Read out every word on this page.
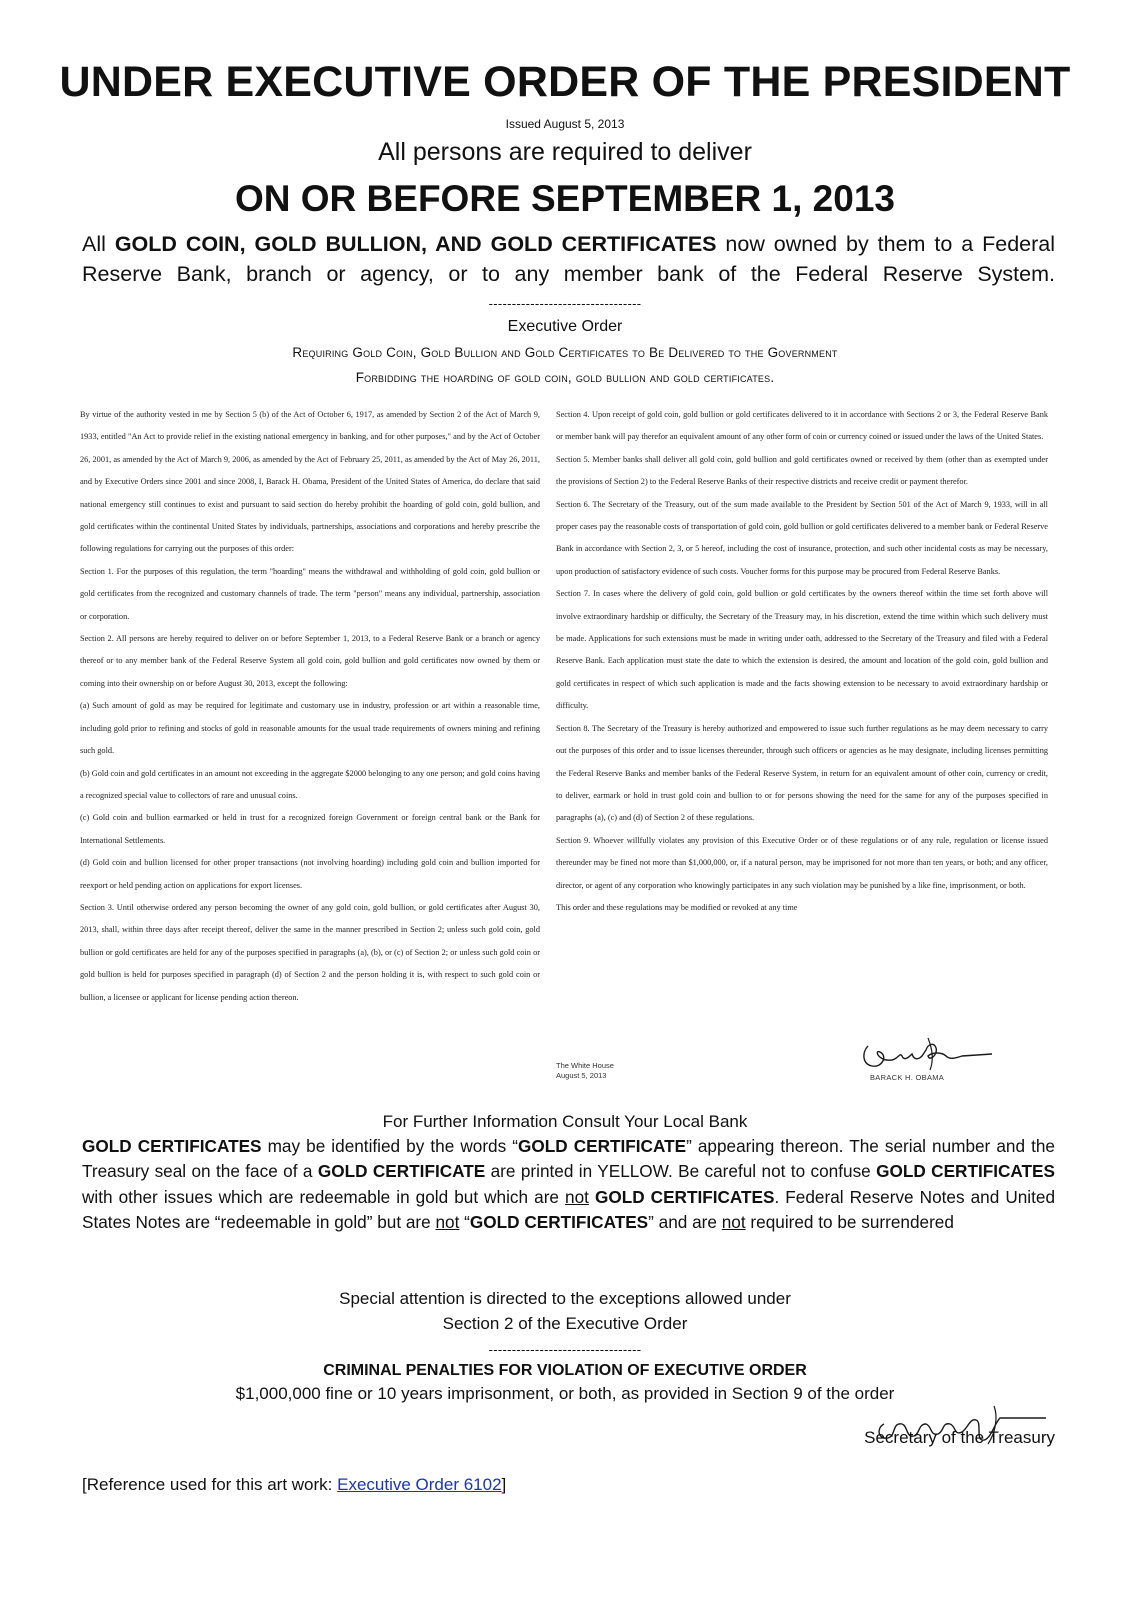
UNDER EXECUTIVE ORDER OF THE PRESIDENT
Issued August 5, 2013
All persons are required to deliver
ON OR BEFORE SEPTEMBER 1, 2013
All GOLD COIN, GOLD BULLION, AND GOLD CERTIFICATES now owned by them to a Federal
Reserve Bank, branch or agency, or to any member bank of the Federal Reserve System.
---------------------------------
Executive Order
Requiring Gold Coin, Gold Bullion and Gold Certificates to Be Delivered to the Government
Forbidding the hoarding of gold coin, gold bullion and gold certificates.

By virtue of the authority vested in me by Section 5 (b) of the Act of October 6, 1917, as amended by Section 2 of the Act of March 9, 1933, entitled "An Act to provide relief in the existing national emergency in banking, and for other purposes," and by the Act of October 26, 2001, as amended by the Act of March 9, 2006, as amended by the Act of February 25, 2011, as amended by the Act of May 26, 2011, and by Executive Orders since 2001 and since 2008, I, Barack H. Obama, President of the United States of America, do declare that said national emergency still continues to exist and pursuant to said section do hereby prohibit the hoarding of gold coin, gold bullion, and gold certificates within the continental United States by individuals, partnerships, associations and corporations and hereby prescribe the following regulations for carrying out the purposes of this order:

Section 1. For the purposes of this regulation, the term "hoarding" means the withdrawal and withholding of gold coin, gold bullion or gold certificates from the recognized and customary channels of trade. The term "person" means any individual, partnership, association or corporation.

Section 2. All persons are hereby required to deliver on or before September 1, 2013, to a Federal Reserve Bank or a branch or agency thereof or to any member bank of the Federal Reserve System all gold coin, gold bullion and gold certificates now owned by them or coming into their ownership on or before August 30, 2013, except the following:

(a) Such amount of gold as may be required for legitimate and customary use in industry, profession or art within a reasonable time, including gold prior to refining and stocks of gold in reasonable amounts for the usual trade requirements of owners mining and refining such gold.

(b) Gold coin and gold certificates in an amount not exceeding in the aggregate $2000 belonging to any one person; and gold coins having a recognized special value to collectors of rare and unusual coins.

(c) Gold coin and bullion earmarked or held in trust for a recognized foreign Government or foreign central bank or the Bank for International Settlements.

(d) Gold coin and bullion licensed for other proper transactions (not involving hoarding) including gold coin and bullion imported for reexport or held pending action on applications for export licenses.

Section 3. Until otherwise ordered any person becoming the owner of any gold coin, gold bullion, or gold certificates after August 30, 2013, shall, within three days after receipt thereof, deliver the same in the manner prescribed in Section 2; unless such gold coin, gold bullion or gold certificates are held for any of the purposes specified in paragraphs (a), (b), or (c) of Section 2; or unless such gold coin or gold bullion is held for purposes specified in paragraph (d) of Section 2 and the person holding it is, with respect to such gold coin or bullion, a licensee or applicant for license pending action thereon.

Section 4. Upon receipt of gold coin, gold bullion or gold certificates delivered to it in accordance with Sections 2 or 3, the Federal Reserve Bank or member bank will pay therefor an equivalent amount of any other form of coin or currency coined or issued under the laws of the United States.

Section 5. Member banks shall deliver all gold coin, gold bullion and gold certificates owned or received by them (other than as exempted under the provisions of Section 2) to the Federal Reserve Banks of their respective districts and receive credit or payment therefor.

Section 6. The Secretary of the Treasury, out of the sum made available to the President by Section 501 of the Act of March 9, 1933, will in all proper cases pay the reasonable costs of transportation of gold coin, gold bullion or gold certificates delivered to a member bank or Federal Reserve Bank in accordance with Section 2, 3, or 5 hereof, including the cost of insurance, protection, and such other incidental costs as may be necessary, upon production of satisfactory evidence of such costs. Voucher forms for this purpose may be procured from Federal Reserve Banks.

Section 7. In cases where the delivery of gold coin, gold bullion or gold certificates by the owners thereof within the time set forth above will involve extraordinary hardship or difficulty, the Secretary of the Treasury may, in his discretion, extend the time within which such delivery must be made. Applications for such extensions must be made in writing under oath, addressed to the Secretary of the Treasury and filed with a Federal Reserve Bank. Each application must state the date to which the extension is desired, the amount and location of the gold coin, gold bullion and gold certificates in respect of which such application is made and the facts showing extension to be necessary to avoid extraordinary hardship or difficulty.

Section 8. The Secretary of the Treasury is hereby authorized and empowered to issue such further regulations as he may deem necessary to carry out the purposes of this order and to issue licenses thereunder, through such officers or agencies as he may designate, including licenses permitting the Federal Reserve Banks and member banks of the Federal Reserve System, in return for an equivalent amount of other coin, currency or credit, to deliver, earmark or hold in trust gold coin and bullion to or for persons showing the need for the same for any of the purposes specified in paragraphs (a), (c) and (d) of Section 2 of these regulations.

Section 9. Whoever willfully violates any provision of this Executive Order or of these regulations or of any rule, regulation or license issued thereunder may be fined not more than $1,000,000, or, if a natural person, may be imprisoned for not more than ten years, or both; and any officer, director, or agent of any corporation who knowingly participates in any such violation may be punished by a like fine, imprisonment, or both.

This order and these regulations may be modified or revoked at any time

The White House
August 5, 2013	BARACK H. OBAMA
For Further Information Consult Your Local Bank
GOLD CERTIFICATES may be identified by the words “GOLD CERTIFICATE” appearing thereon. The serial number and the Treasury seal on the face of a GOLD CERTIFICATE are printed in YELLOW. Be careful not to confuse GOLD CERTIFICATES with other issues which are redeemable in gold but which are not GOLD CERTIFICATES. Federal Reserve Notes and United States Notes are “redeemable in gold” but are not “GOLD CERTIFICATES” and are not required to be surrendered
Special attention is directed to the exceptions allowed under
Section 2 of the Executive Order
---------------------------------
CRIMINAL PENALTIES FOR VIOLATION OF EXECUTIVE ORDER
$1,000,000 fine or 10 years imprisonment, or both, as provided in Section 9 of the order
Secretary of the Treasury
[Reference used for this art work: Executive Order 6102]
